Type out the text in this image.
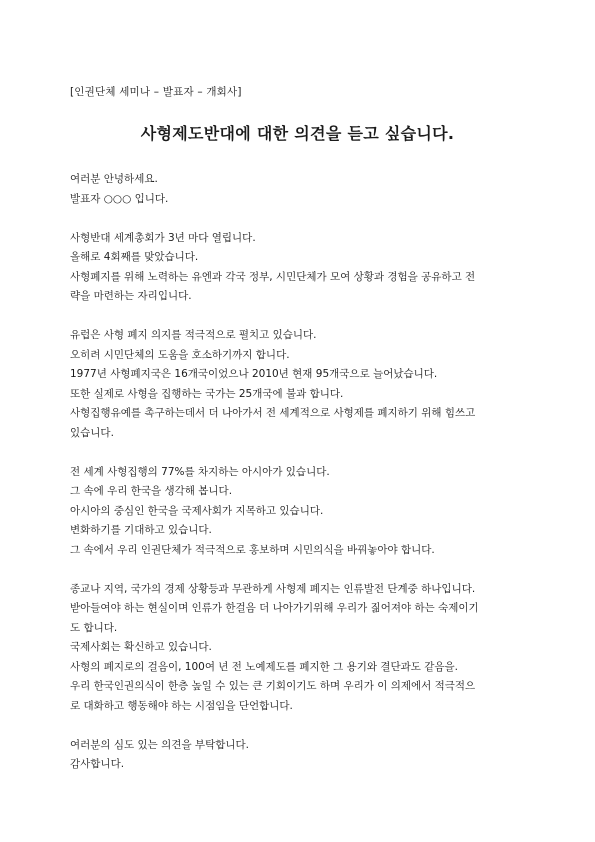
[인권단체 세미나 – 발표자 – 개회사]
사형제도반대에 대한 의견을 듣고 싶습니다.
여러분 안녕하세요.
발표자 ○○○ 입니다.
사형반대 세계총회가 3년 마다 열립니다.
올해로 4회째를 맞았습니다.
사형폐지를 위해 노력하는 유엔과 각국 정부, 시민단체가 모여 상황과 경험을 공유하고 전
략을 마련하는 자리입니다.
유럽은 사형 폐지 의지를 적극적으로 펼치고 있습니다.
오히려 시민단체의 도움을 호소하기까지 합니다.
1977년 사형폐지국은 16개국이었으나 2010년 현재 95개국으로 늘어났습니다.
또한 실제로 사형을 집행하는 국가는 25개국에 불과 합니다.
사형집행유예를 촉구하는데서 더 나아가서 전 세계적으로 사형제를 폐지하기 위해 힘쓰고
있습니다.
전 세계 사형집행의 77%를 차지하는 아시아가 있습니다.
그 속에 우리 한국을 생각해 봅니다.
아시아의 중심인 한국을 국제사회가 지목하고 있습니다.
변화하기를 기대하고 있습니다.
그 속에서 우리 인권단체가 적극적으로 홍보하며 시민의식을 바꿔놓아야 합니다.
종교나 지역, 국가의 경제 상황등과 무관하게 사형제 폐지는 인류발전 단계중 하나입니다.
받아들여야 하는 현실이며 인류가 한걸음 더 나아가기위해 우리가 짊어져야 하는 숙제이기
도 합니다.
국제사회는 확신하고 있습니다.
사형의 폐지로의 걸음이, 100여 년 전 노예제도를 폐지한 그 용기와 결단과도 같음을.
우리 한국인권의식이 한층 높일 수 있는 큰 기회이기도 하며 우리가 이 의제에서 적극적으
로 대화하고 행동해야 하는 시점임을 단언합니다.
여러분의 심도 있는 의견을 부탁합니다.
감사합니다.
